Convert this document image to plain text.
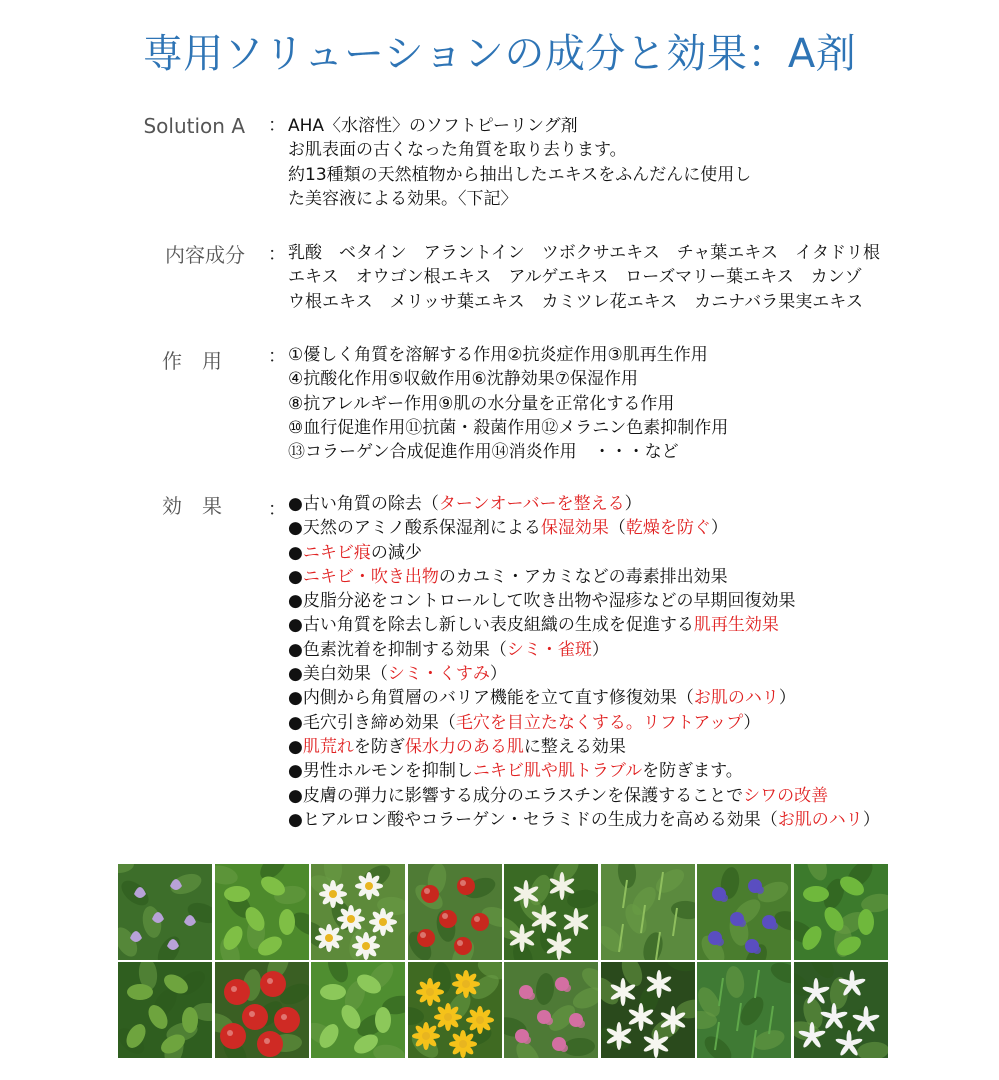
専用ソリューションの成分と効果：A剤
Solution A ： AHA〈水溶性〉のソフトピーリング剤
お肌表面の古くなった角質を取り去ります。
約13種類の天然植物から抽出したエキスをふんだんに使用し
た美容液による効果。〈下記〉
内容成分 ： 乳酸　ベタイン　アラントイン　ツボクサエキス　チャ葉エキス　イタドリ根
エキス　オウゴン根エキス　アルゲエキス　ローズマリー葉エキス　カンゾ
ウ根エキス　メリッサ葉エキス　カミツレ花エキス　カニナバラ果実エキス
作　用	： ①優しく角質を溶解する作用②抗炎症作用③肌再生作用
④抗酸化作用⑤収斂作用⑥沈静効果⑦保湿作用
⑧抗アレルギー作用⑨肌の水分量を正常化する作用
⑩血行促進作用⑪抗菌・殺菌作用⑫メラニン色素抑制作用
⑬コラーゲン合成促進作用⑭消炎作用　・・・など
効　果	： ●古い角質の除去（ターンオーバーを整える）
●天然のアミノ酸系保湿剤による保湿効果（乾燥を防ぐ）
●ニキビ痕の減少
●ニキビ・吹き出物のカユミ・アカミなどの毒素排出効果
●皮脂分泌をコントロールして吹き出物や湿疹などの早期回復効果
●古い角質を除去し新しい表皮組織の生成を促進する肌再生効果
●色素沈着を抑制する効果（シミ・雀斑）
●美白効果（シミ・くすみ）
●内側から角質層のバリア機能を立て直す修復効果（お肌のハリ）
●毛穴引き締め効果（毛穴を目立たなくする。リフトアップ）
●肌荒れを防ぎ保水力のある肌に整える効果
●男性ホルモンを抑制しニキビ肌や肌トラブルを防ぎます。
●皮膚の弾力に影響する成分のエラスチンを保護することでシワの改善
●ヒアルロン酸やコラーゲン・セラミドの生成力を高める効果（お肌のハリ）
